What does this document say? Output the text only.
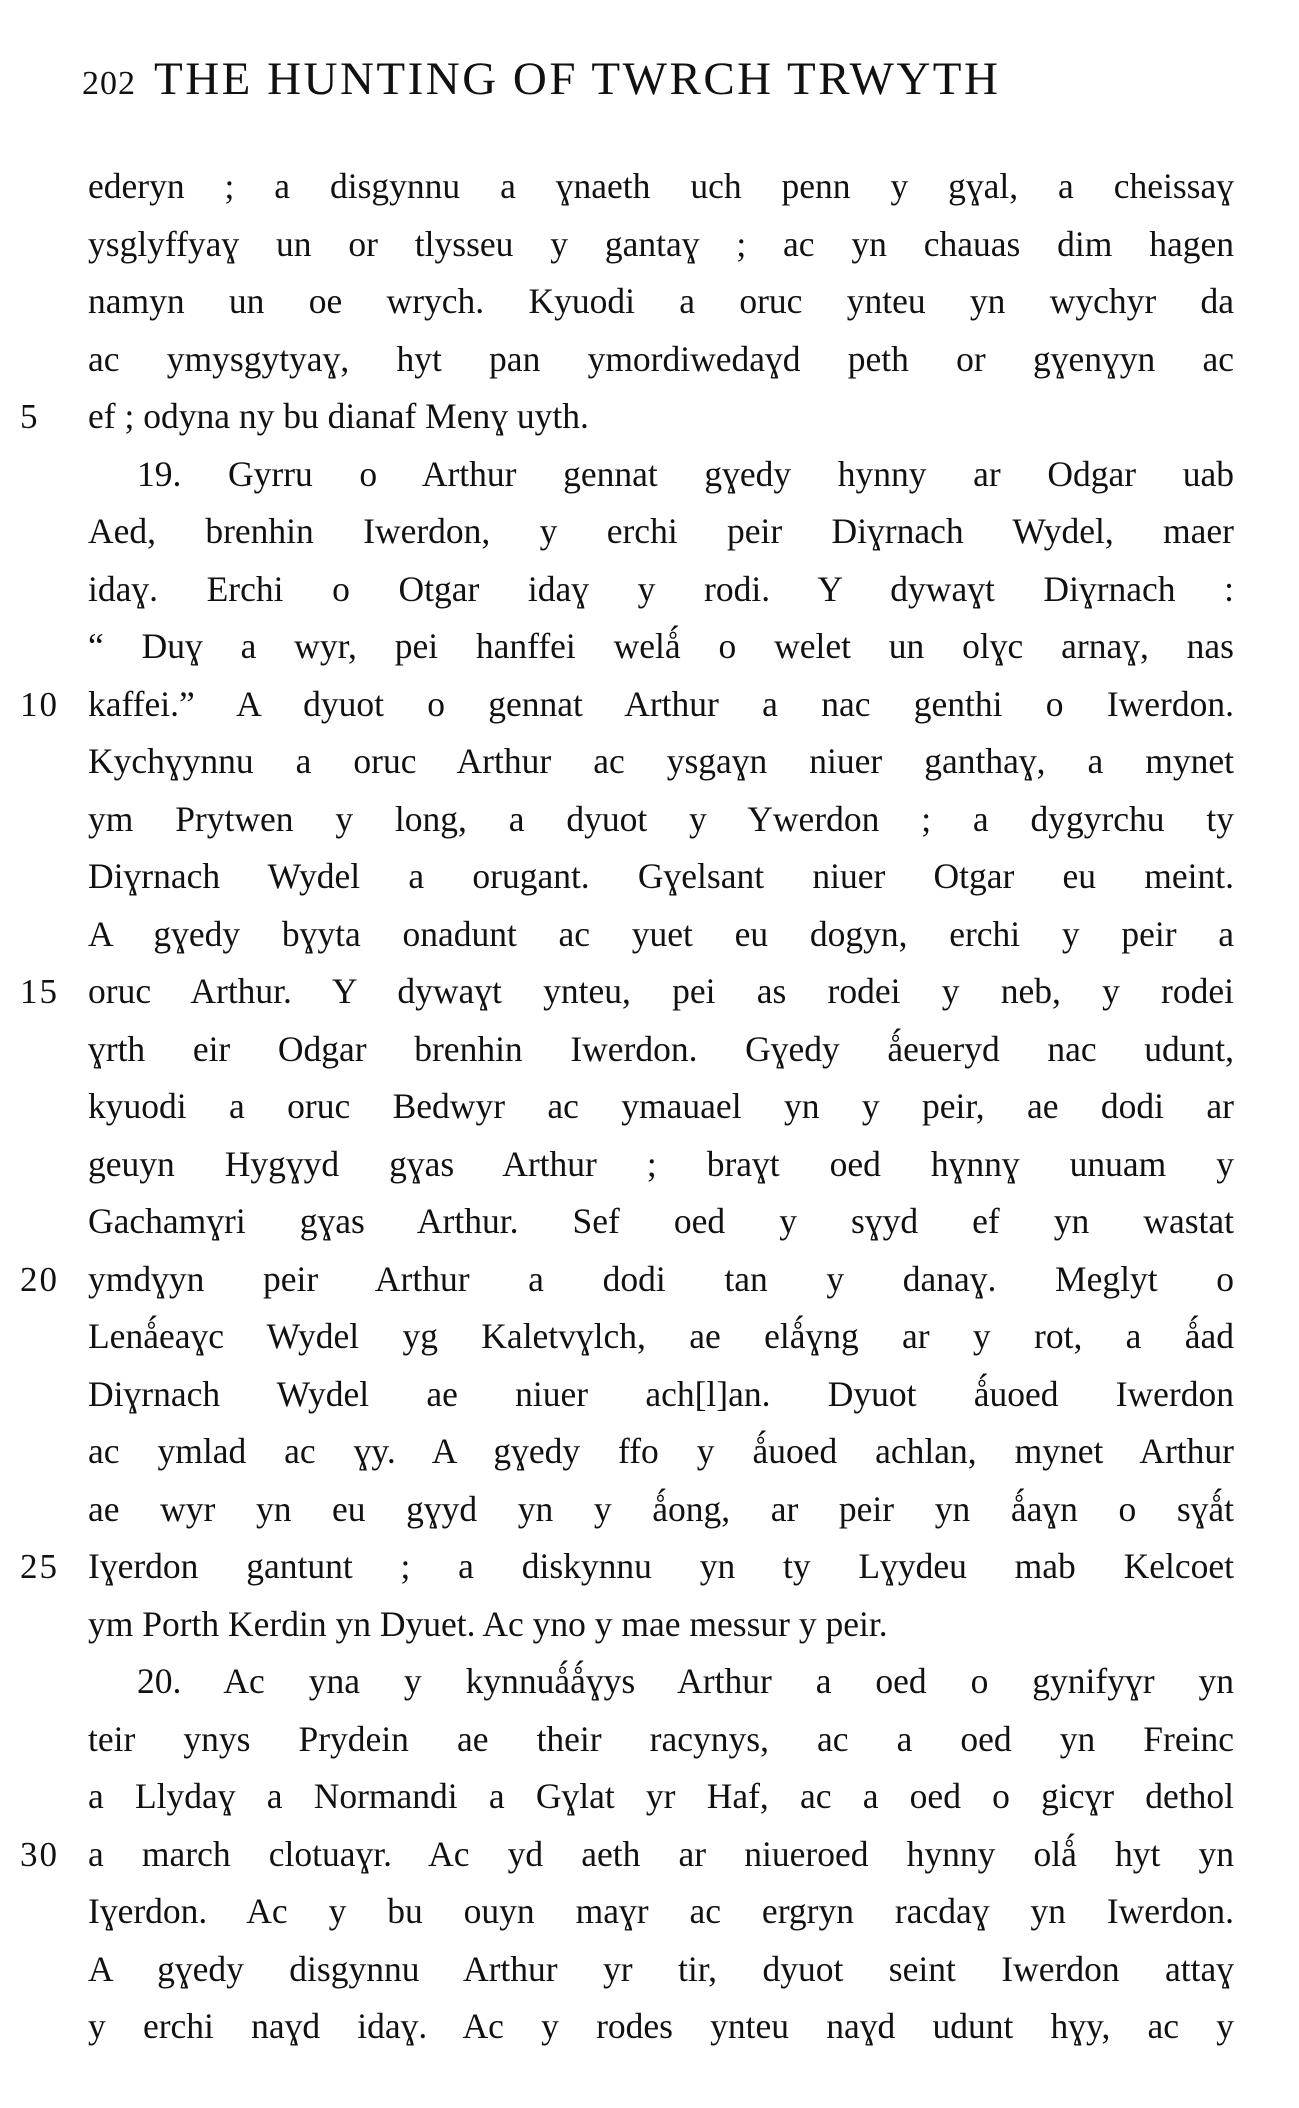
202 THE HUNTING OF TWRCH TRWYTH
ederyn ; a disgynnu a ɣnaeth uch penn y gɣal, a cheissaɣ
ysglyffyaɣ un or tlysseu y gantaɣ ; ac yn chauas dim hagen
namyn un oe wrych. Kyuodi a oruc ynteu yn wychyr da
ac ymysgytyaɣ, hyt pan ymordiwedaɣd peth or gɣenɣyn ac
5	ef ; odyna ny bu dianaf Menɣ uyth.
19. Gyrru o Arthur gennat gɣedy hynny ar Odgar uab
Aed, brenhin Iwerdon, y erchi peir Diɣrnach Wydel, maer
idaɣ. Erchi o Otgar idaɣ y rodi. Y dywaɣt Diɣrnach :
“ Duɣ a wyr, pei hanffei welǻ o welet un olɣc arnaɣ, nas
10 kaffei.” A dyuot o gennat Arthur a nac genthi o Iwerdon.
Kychɣynnu a oruc Arthur ac ysgaɣn niuer ganthaɣ, a mynet
ym Prytwen y long, a dyuot y Ywerdon ; a dygyrchu ty
Diɣrnach Wydel a orugant. Gɣelsant niuer Otgar eu meint.
A gɣedy bɣyta onadunt ac yuet eu dogyn, erchi y peir a
15 oruc Arthur. Y dywaɣt ynteu, pei as rodei y neb, y rodei
ɣrth eir Odgar brenhin Iwerdon. Gɣedy ǻeueryd nac udunt,
kyuodi a oruc Bedwyr ac ymauael yn y peir, ae dodi ar
geuyn Hygɣyd gɣas Arthur ; braɣt oed hɣnnɣ unuam y
Gachamɣri gɣas Arthur. Sef oed y sɣyd ef yn wastat
20 ymdɣyn peir Arthur a dodi tan y danaɣ. Meglyt o
Lenǻeaɣc Wydel yg Kaletvɣlch, ae elǻɣng ar y rot, a ǻad
Diɣrnach Wydel ae niuer ach[l]an. Dyuot ǻuoed Iwerdon
ac ymlad ac ɣy. A gɣedy ffo y ǻuoed achlan, mynet Arthur
ae wyr yn eu gɣyd yn y ǻong, ar peir yn ǻaɣn o sɣǻt
25 Iɣerdon gantunt ; a diskynnu yn ty Lɣydeu mab Kelcoet
ym Porth Kerdin yn Dyuet. Ac yno y mae messur y peir.
20. Ac yna y kynnuǻǻɣys Arthur a oed o gynifyɣr yn
teir ynys Prydein ae their racynys, ac a oed yn Freinc
a Llydaɣ a Normandi a Gɣlat yr Haf, ac a oed o gicɣr dethol
30 a march clotuaɣr. Ac yd aeth ar niueroed hynny olǻ hyt yn
Iɣerdon. Ac y bu ouyn maɣr ac ergryn racdaɣ yn Iwerdon.
A gɣedy disgynnu Arthur yr tir, dyuot seint Iwerdon attaɣ
y erchi naɣd idaɣ. Ac y rodes ynteu naɣd udunt hɣy, ac y
